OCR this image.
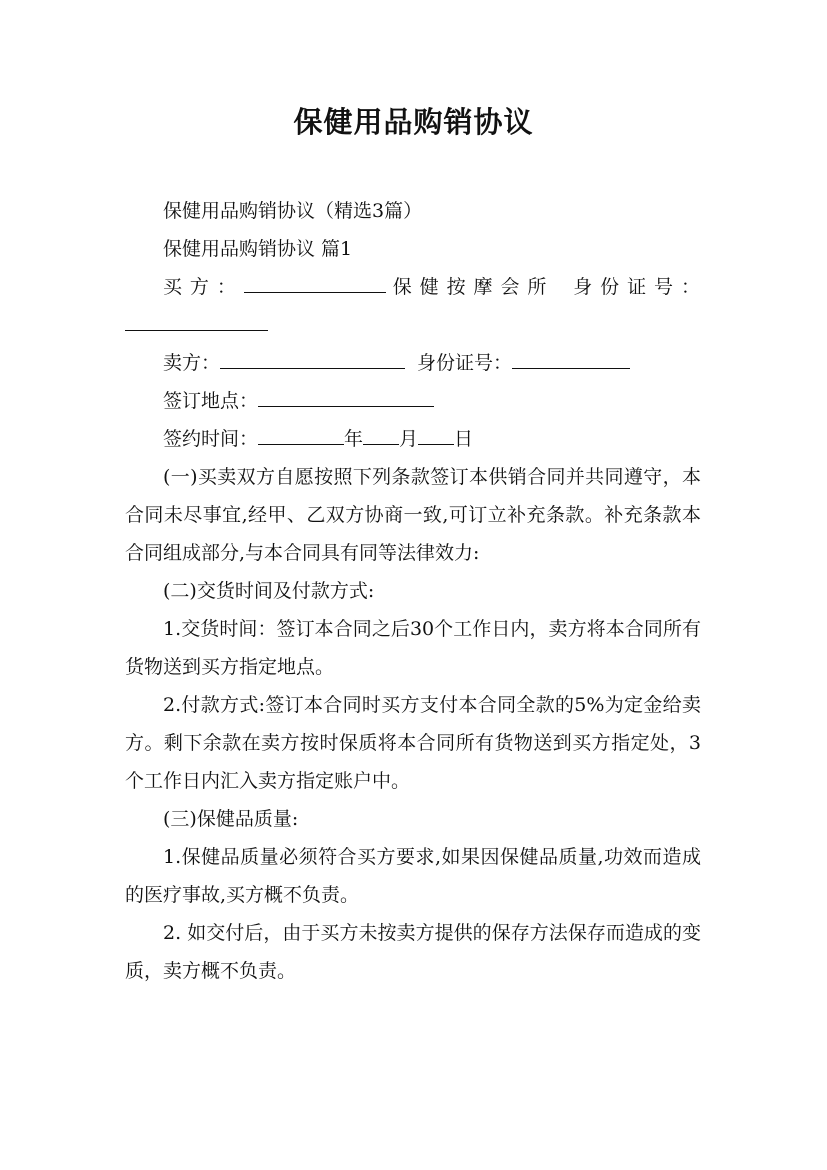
保健用品购销协议

保健用品购销协议（精选3篇）

保健用品购销协议 篇1

买方：	保健按摩会所 身份证号：

卖方：	身份证号：

签订地点：

签约时间：	年 月 日

(一)买卖双方自愿按照下列条款签订本供销合同并共同遵守，本合同未尽事宜,经甲、乙双方协商一致,可订立补充条款。补充条款本合同组成部分,与本合同具有同等法律效力:

(二)交货时间及付款方式:

1.交货时间：签订本合同之后30个工作日内，卖方将本合同所有货物送到买方指定地点。

2.付款方式:签订本合同时买方支付本合同全款的5%为定金给卖方。剩下余款在卖方按时保质将本合同所有货物送到买方指定处，3个工作日内汇入卖方指定账户中。

(三)保健品质量:

1.保健品质量必须符合买方要求,如果因保健品质量,功效而造成的医疗事故,买方概不负责。

2. 如交付后，由于买方未按卖方提供的保存方法保存而造成的变质，卖方概不负责。
